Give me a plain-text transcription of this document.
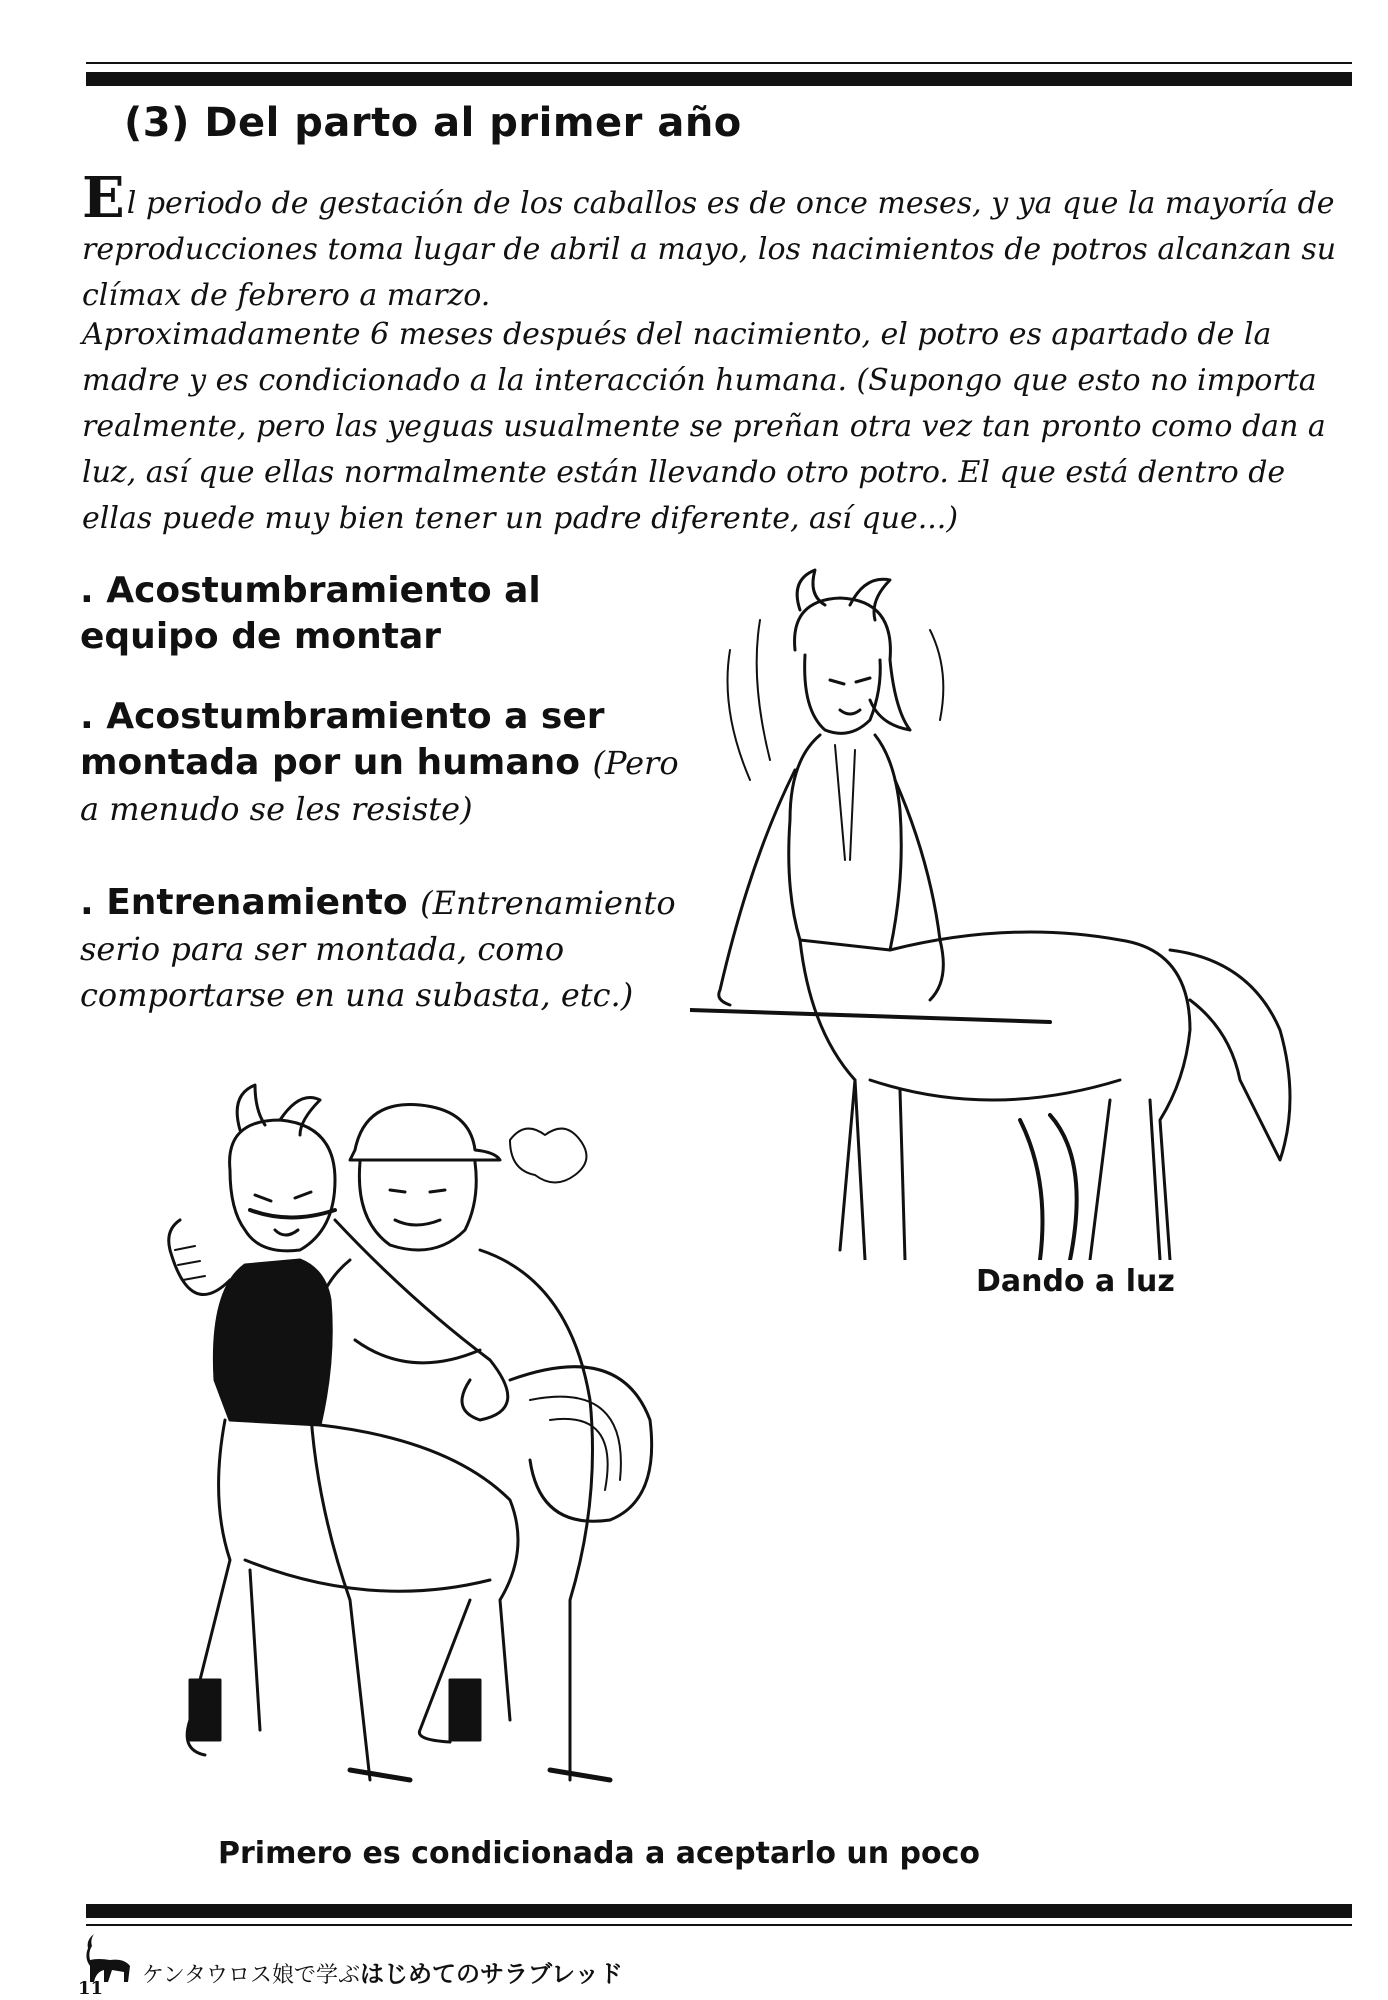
(3) Del parto al primer año
El periodo de gestación de los caballos es de once meses, y ya que la mayoría de reproducciones toma lugar de abril a mayo, los nacimientos de potros alcanzan su clímax de febrero a marzo.
Aproximadamente 6 meses después del nacimiento, el potro es apartado de la madre y es condicionado a la interacción humana. (Supongo que esto no importa realmente, pero las yeguas usualmente se preñan otra vez tan pronto como dan a luz, así que ellas normalmente están llevando otro potro. El que está dentro de ellas puede muy bien tener un padre diferente, así que...)
. Acostumbramiento al equipo de montar
. Acostumbramiento a ser montada por un humano (Pero a menudo se les resiste)
. Entrenamiento (Entrenamiento serio para ser montada, como comportarse en una subasta, etc.)
Dando a luz
Primero es condicionada a aceptarlo un poco
ケンタウロス娘で学ぶはじめてのサラブレッド
11
